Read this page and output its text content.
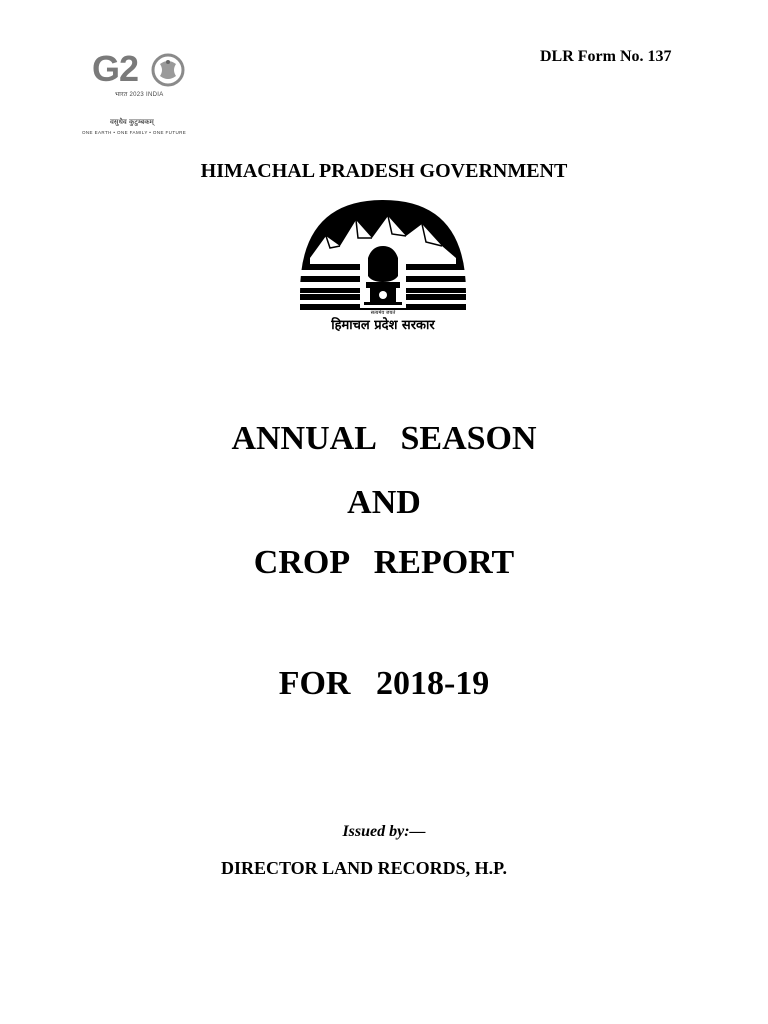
DLR Form No. 137
G2
भारत 2023 INDIA
वसुधैव कुटुम्बकम्
ONE EARTH • ONE FAMILY • ONE FUTURE
HIMACHAL PRADESH GOVERNMENT
सत्यमेव जयते
हिमाचल प्रदेश सरकार
ANNUAL   SEASON
AND
CROP   REPORT
FOR   2018-19
Issued by:—
DIRECTOR LAND RECORDS, H.P.
